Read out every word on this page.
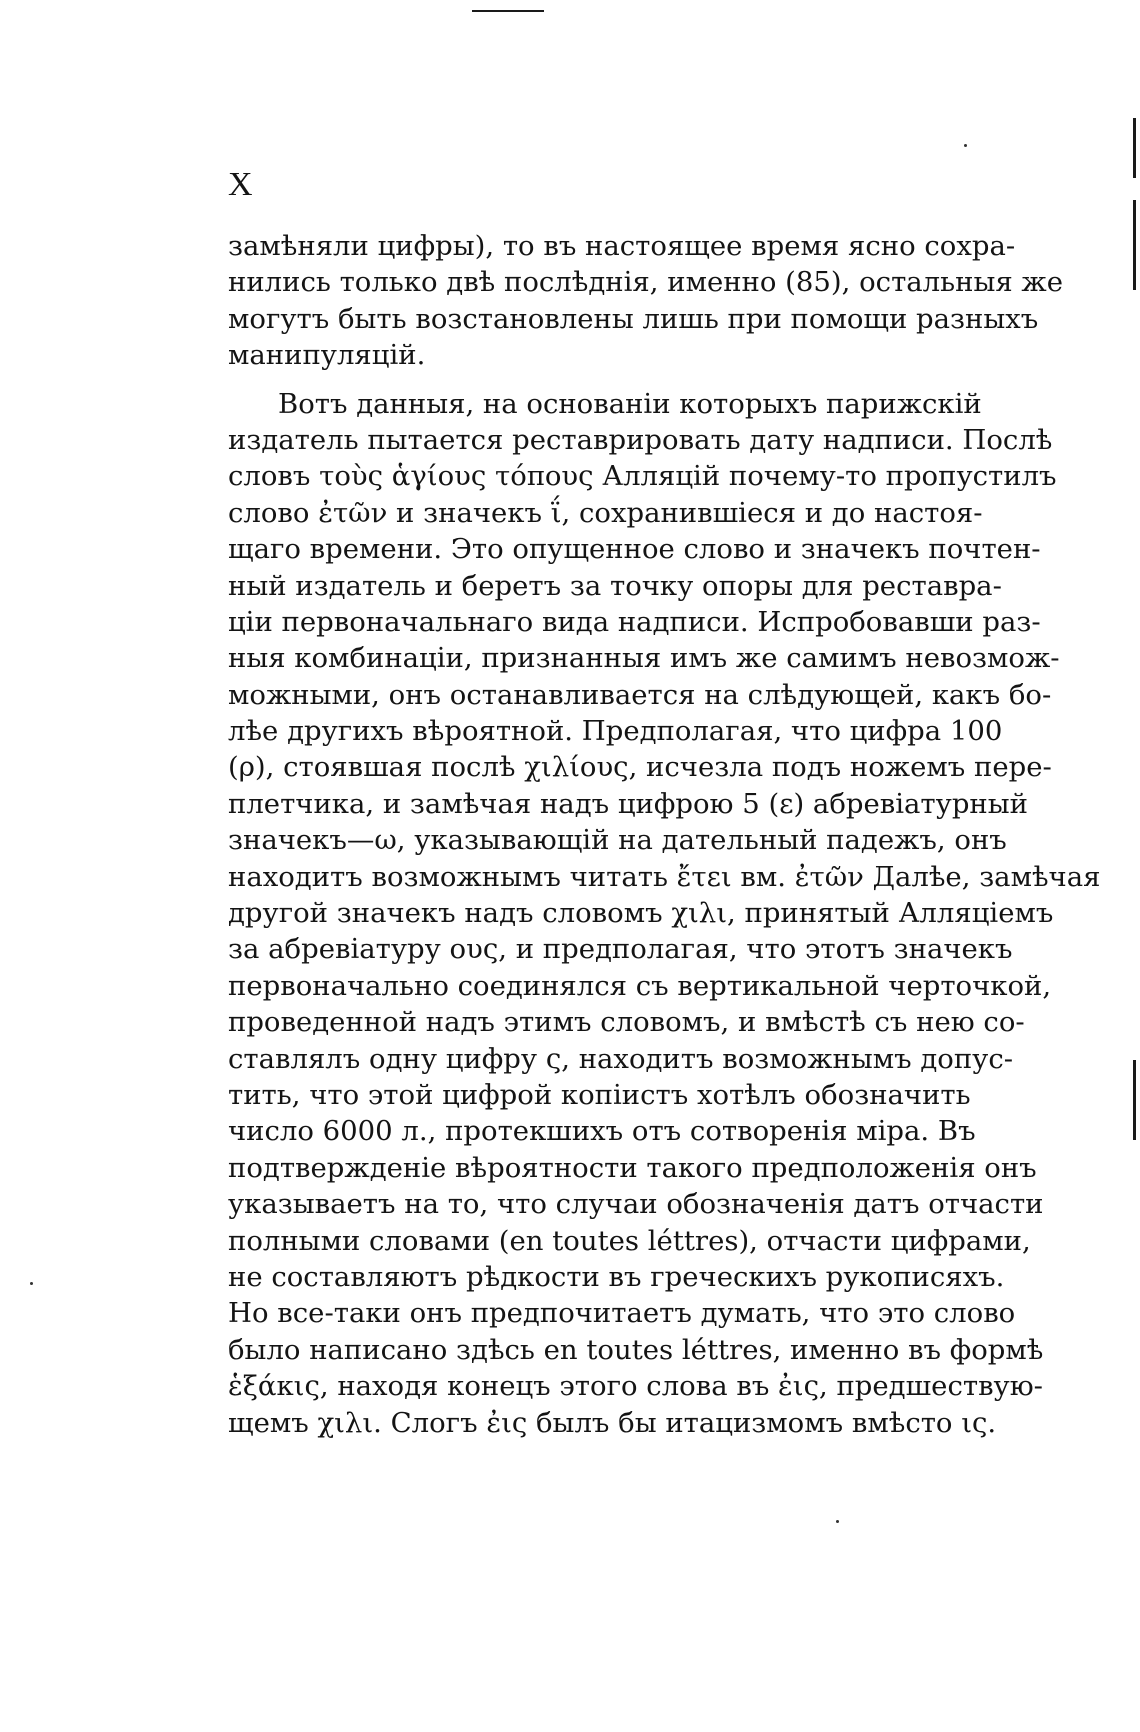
X
замѣняли цифры), то въ настоящее время ясно сохра-
нились только двѣ послѣднія, именно (85), остальныя же
могутъ быть возстановлены лишь при помощи разныхъ
манипуляцій.
Вотъ данныя, на основаніи которыхъ парижскій
издатель пытается реставрировать дату надписи. Послѣ
словъ τοὺς ἁγίους τόπους Алляцій почему-то пропустилъ
слово ἐτῶν и значекъ ΐ, сохранившіеся и до настоя-
щаго времени. Это опущенное слово и значекъ почтен-
ный издатель и беретъ за точку опоры для реставра-
ціи первоначальнаго вида надписи. Испробовавши раз-
ныя комбинаціи, признанныя имъ же самимъ невозмож-
можными, онъ останавливается на слѣдующей, какъ бо-
лѣе другихъ вѣроятной. Предполагая, что цифра 100
(ρ), стоявшая послѣ χιλίους, исчезла подъ ножемъ пере-
плетчика, и замѣчая надъ цифрою 5 (ε) абревіатурный
значекъ—ω, указывающій на дательный падежъ, онъ
находитъ возможнымъ читать ἔτει вм. ἐτῶν Далѣе, замѣчая
другой значекъ надъ словомъ χιλι, принятый Алляціемъ
за абревіатуру ους, и предполагая, что этотъ значекъ
первоначально соединялся съ вертикальной черточкой,
проведенной надъ этимъ словомъ, и вмѣстѣ съ нею со-
ставлялъ одну цифру ς, находитъ возможнымъ допус-
тить, что этой цифрой копіистъ хотѣлъ обозначить
число 6000 л., протекшихъ отъ сотворенія міра. Въ
подтвержденіе вѣроятности такого предположенія онъ
указываетъ на то, что случаи обозначенія датъ отчасти
полными словами (en toutes léttres), отчасти цифрами,
не составляютъ рѣдкости въ греческихъ рукописяхъ.
Но все-таки онъ предпочитаетъ думать, что это слово
было написано здѣсь en toutes léttres, именно въ формѣ
ἑξάκις, находя конецъ этого слова въ ἐις, предшествую-
щемъ χιλι. Слогъ ἐις былъ бы итацизмомъ вмѣсто ις.
